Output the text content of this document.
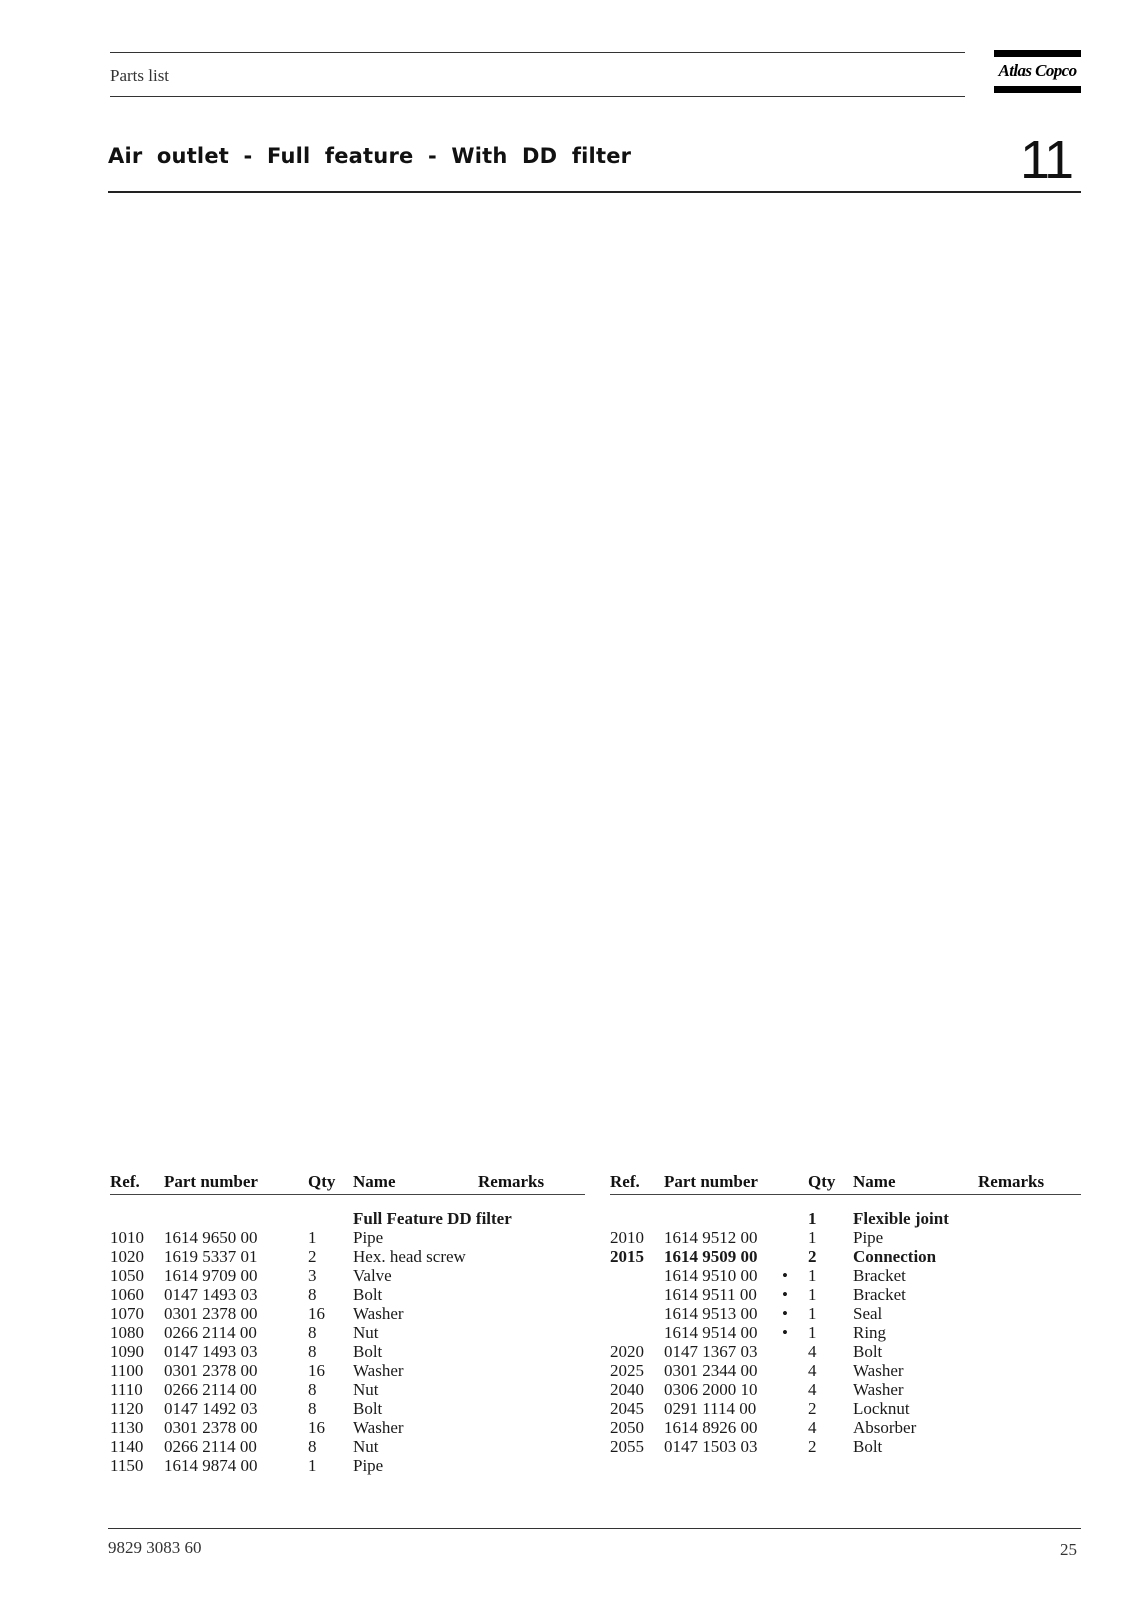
Parts list	Atlas Copco
Air outlet - Full feature - With DD filter	11
Ref. Part number	Qty Name	Remarks
Full Feature DD filter
1010 1614 9650 00	1 Pipe
1020 1619 5337 01	2 Hex. head screw
1050 1614 9709 00	3 Valve
1060 0147 1493 03	8 Bolt
1070 0301 2378 00	16 Washer
1080 0266 2114 00	8 Nut
1090 0147 1493 03	8 Bolt
1100 0301 2378 00	16 Washer
1110 0266 2114 00	8 Nut
1120 0147 1492 03	8 Bolt
1130 0301 2378 00	16 Washer
1140 0266 2114 00	8 Nut
1150 1614 9874 00	1 Pipe
Ref. Part number	Qty Name	Remarks
1 Flexible joint
2010 1614 9512 00	1 Pipe
2015 1614 9509 00	2 Connection
1614 9510 00 • 1 Bracket
1614 9511 00 • 1 Bracket
1614 9513 00 • 1 Seal
1614 9514 00 • 1 Ring
2020 0147 1367 03	4 Bolt
2025 0301 2344 00	4 Washer
2040 0306 2000 10	4 Washer
2045 0291 1114 00	2 Locknut
2050 1614 8926 00	4 Absorber
2055 0147 1503 03	2 Bolt
9829 3083 60	25
